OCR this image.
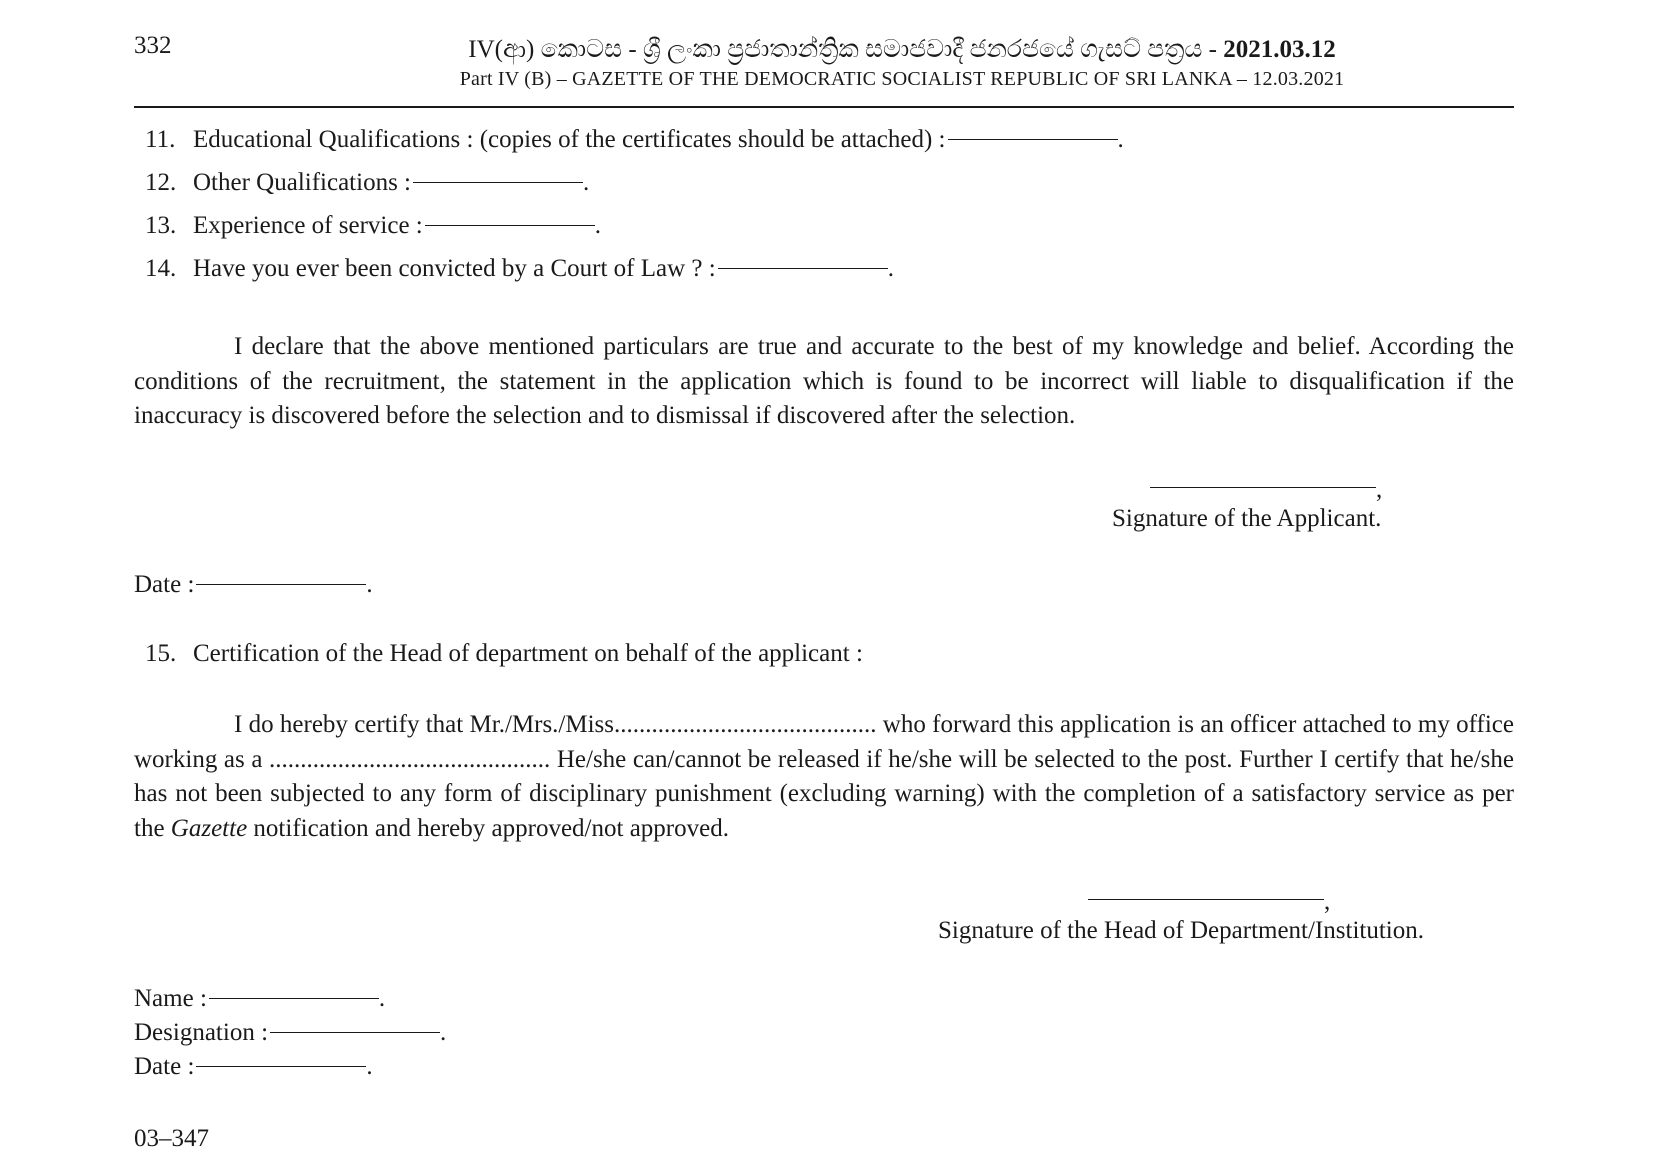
332	IV(ආ) කොටස - ශ්‍රී ලංකා ප්‍රජාතාන්ත්‍රික සමාජවාදී ජනරජයේ ගැසට් පත්‍රය - 2021.03.12
Part IV (B) – GAZETTE OF THE DEMOCRATIC SOCIALIST REPUBLIC OF SRI LANKA – 12.03.2021
11. Educational Qualifications : (copies of the certificates should be attached) :	.
12. Other Qualifications :	.
13. Experience of service :	.
14. Have you ever been convicted by a Court of Law ? :	.
I declare that the above mentioned particulars are true and accurate to the best of my knowledge and belief. According the conditions of the recruitment, the statement in the application which is found to be incorrect will liable to disqualification if the inaccuracy is discovered before the selection and to dismissal if discovered after the selection.
,
Signature of the Applicant.
Date :	.
15. Certification of the Head of department on behalf of the applicant :
I do hereby certify that Mr./Mrs./Miss.......................................... who forward this application is an officer attached to my office working as a ............................................. He/she can/cannot be released if he/she will be selected to the post. Further I certify that he/she has not been subjected to any form of disciplinary punishment (excluding warning) with the completion of a satisfactory service as per the Gazette notification and hereby approved/not approved.
,
Signature of the Head of Department/Institution.
Name :	.
Designation :	.
Date :	.
03–347
